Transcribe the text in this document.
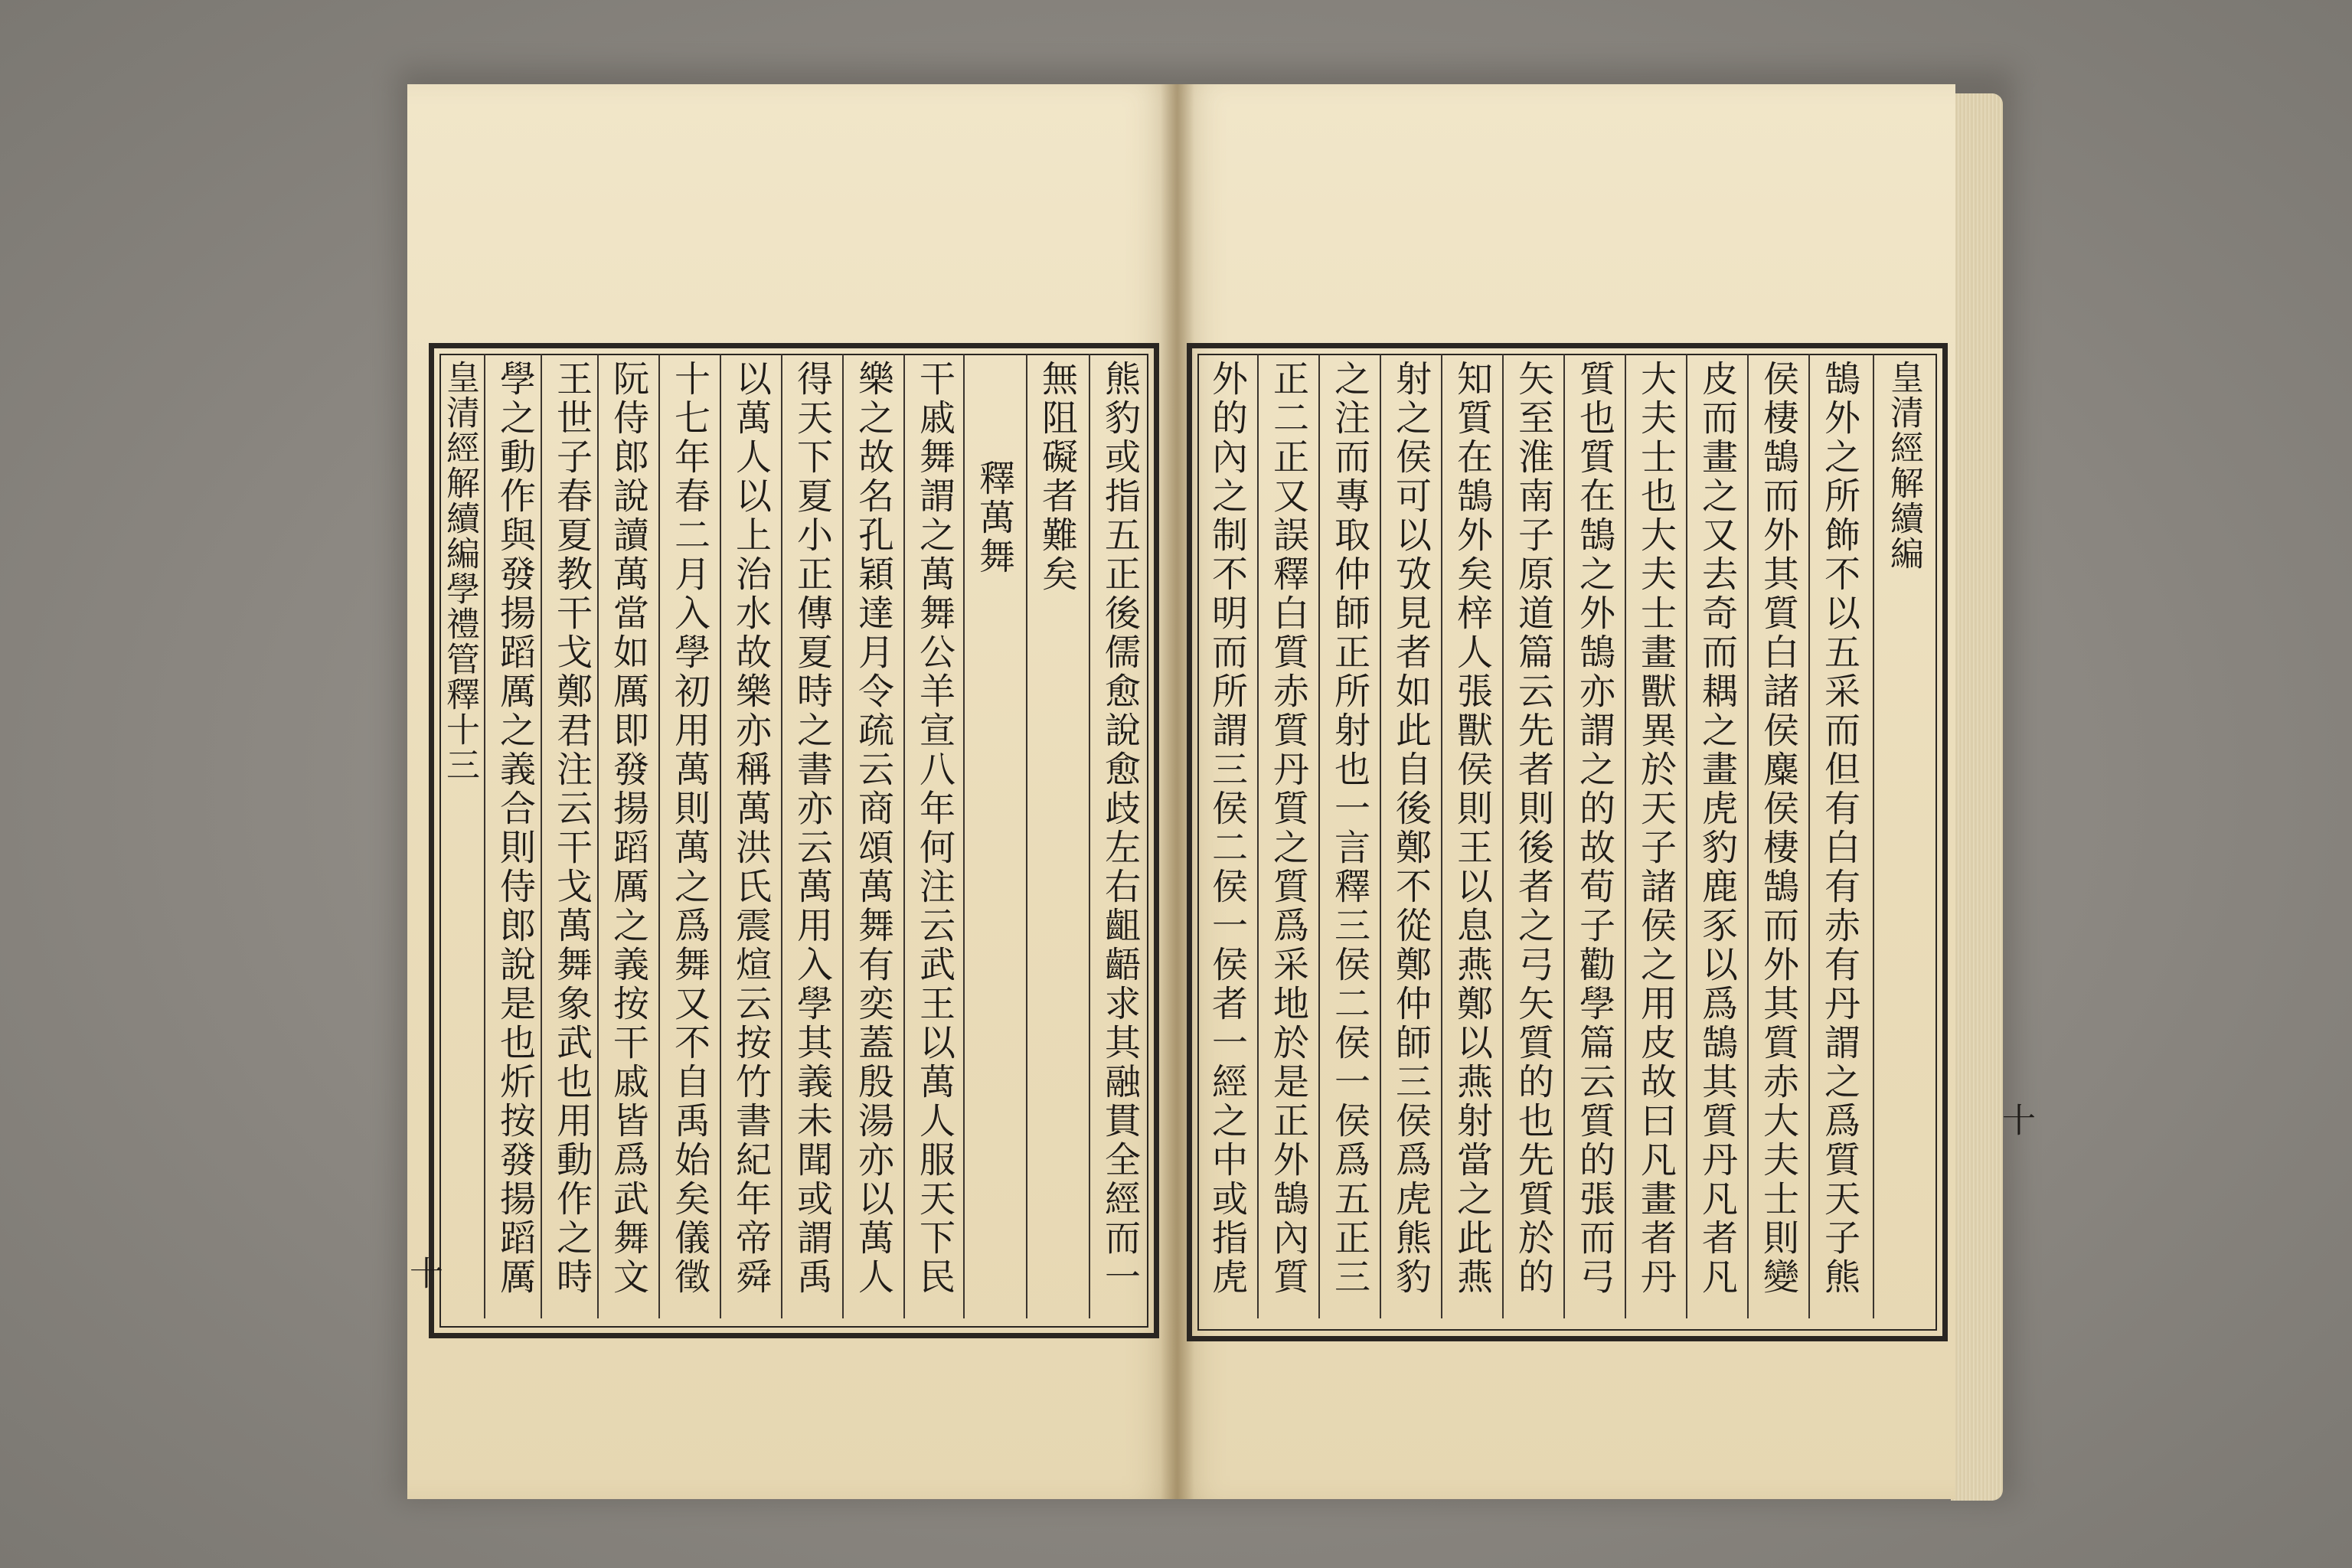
皇清經解續編學禮管釋十三	熊豹或指五正後儒愈說愈歧左右齟齬求其融貫全經而一
無阻礙者難矣
釋萬舞
干戚舞謂之萬舞公羊宣八年何注云武王以萬人服天下民
樂之故名孔穎達月令疏云商頌萬舞有奕蓋殷湯亦以萬人
得天下夏小正傳夏時之書亦云萬用入學其義未聞或謂禹
以萬人以上治水故樂亦稱萬洪氏震煊云按竹書紀年帝舜
十七年春二月入學初用萬則萬之爲舞又不自禹始矣儀徵
阮侍郎說讀萬當如厲即發揚蹈厲之義按干戚皆爲武舞文
王世子春夏教干戈鄭君注云干戈萬舞象武也用動作之時
學之動作與發揚蹈厲之義合則侍郎說是也炘按發揚蹈厲
十
皇清經解續編
十
鵠外之所飾不以五采而但有白有赤有丹謂之爲質天子熊
侯棲鵠而外其質白諸侯麋侯棲鵠而外其質赤大夫士則變
皮而畫之又去奇而耦之畫虎豹鹿豕以爲鵠其質丹凡者凡
大夫士也大夫士畫獸異於天子諸侯之用皮故曰凡畫者丹
質也質在鵠之外鵠亦謂之的故荀子勸學篇云質的張而弓
矢至淮南子原道篇云先者則後者之弓矢質的也先質於的
知質在鵠外矣梓人張獸侯則王以息燕鄭以燕射當之此燕
射之侯可以攷見者如此自後鄭不從鄭仲師三侯爲虎熊豹
之注而專取仲師正所射也一言釋三侯二侯一侯爲五正三
正二正又誤釋白質赤質丹質之質爲采地於是正外鵠內質
外的內之制不明而所謂三侯二侯一侯者一經之中或指虎
